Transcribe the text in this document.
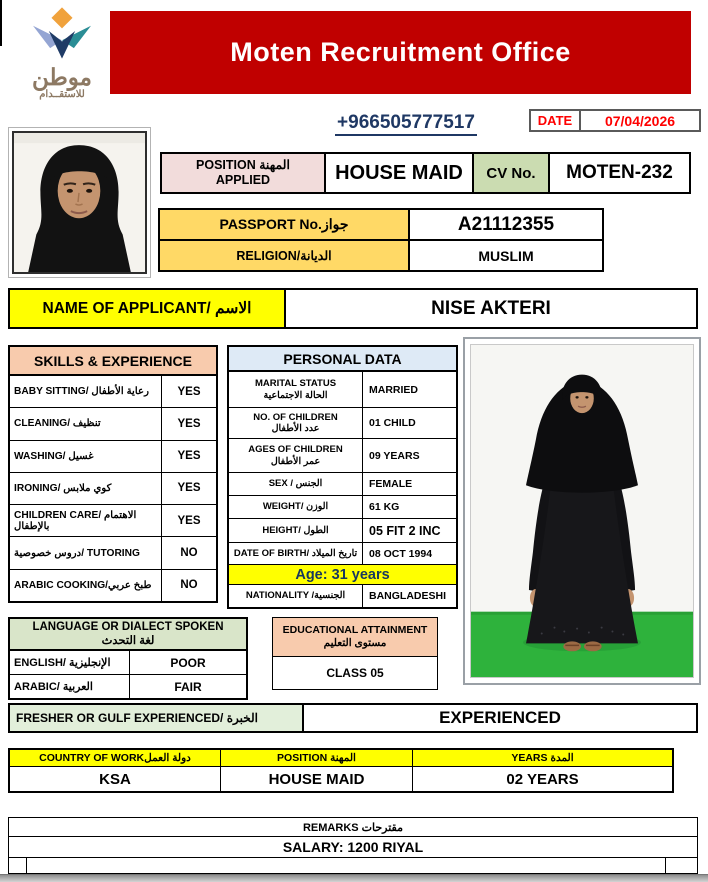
موطن
للاستقــدام
Moten Recruitment Office
+966505777517	DATE	07/04/2026
POSITION المهنة
APPLIED	HOUSE MAID	CV No.	MOTEN-232
PASSPORT No.جواز	A21112355
RELIGION/الديانة	MUSLIM
NAME OF APPLICANT/ الاسم	NISE AKTERI
SKILLS & EXPERIENCE
BABY SITTING/ رعاية الأطفال	YES
CLEANING/ تنظيف	YES
WASHING/ غسيل	YES
IRONING/ كوي ملابس	YES
CHILDREN CARE/ الاهتمام بالإطفال	YES
دروس خصوصية/ TUTORING	NO
ARABIC COOKING/طبخ عربي	NO
PERSONAL DATA
MARITAL STATUS
الحالة الاجتماعية	MARRIED
NO. OF CHILDREN
عدد الأطفال	01 CHILD
AGES OF CHILDREN
عمر الأطفال	09 YEARS
SEX / الجنس	FEMALE
WEIGHT/ الوزن	61 KG
HEIGHT/ الطول	05 FIT 2 INC
DATE OF BIRTH/ تاريخ الميلاد	08 OCT 1994
Age: 31 years
NATIONALITY /الجنسية	BANGLADESHI
LANGUAGE OR DIALECT SPOKEN
لغة التحدث
ENGLISH/ الإنجليزية	POOR
ARABIC/ العربية	FAIR
EDUCATIONAL ATTAINMENT
مستوى التعليم
CLASS 05
FRESHER OR GULF EXPERIENCED/ الخبرة	EXPERIENCED
COUNTRY OF WORKدولة العمل	POSITION المهنة	YEARS المدة
KSA	HOUSE MAID	02 YEARS
REMARKS مقترحات
SALARY: 1200 RIYAL
